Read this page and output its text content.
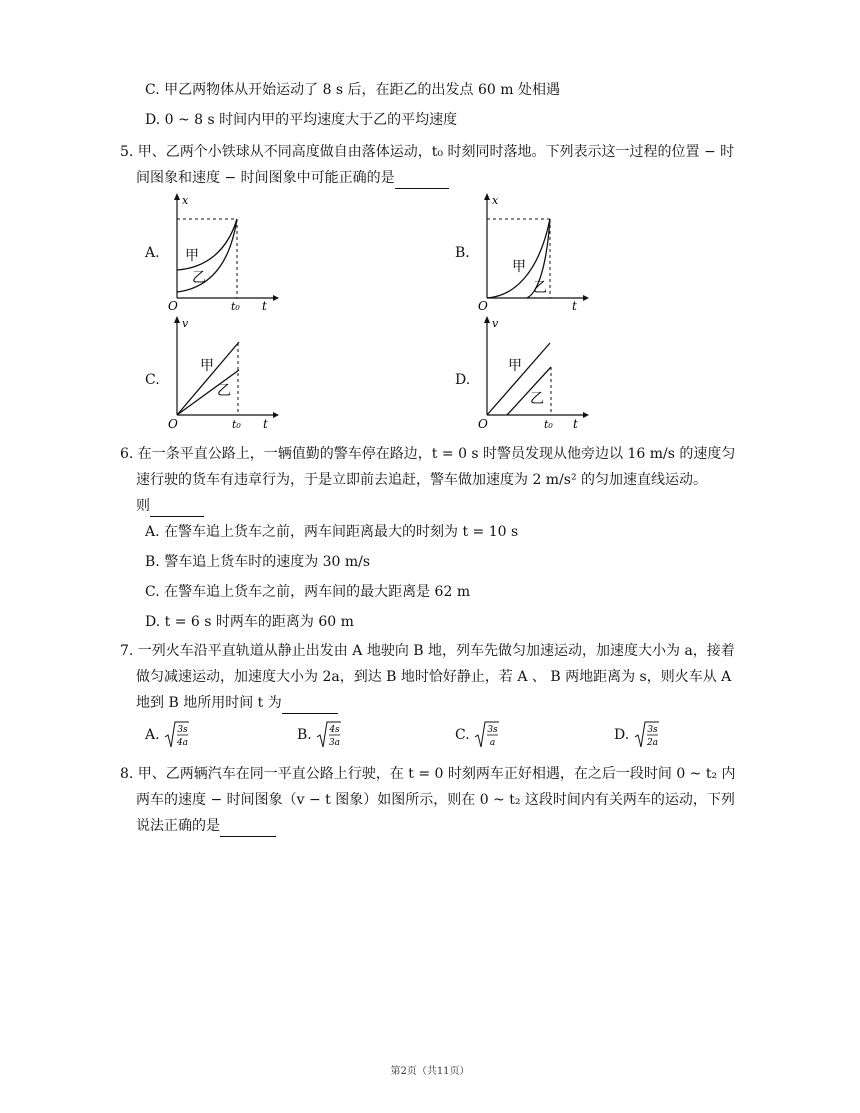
C. 甲乙两物体从开始运动了 8 s 后，在距乙的出发点 60 m 处相遇
D. 0 ~ 8 s 时间内甲的平均速度大于乙的平均速度
5. 甲、乙两个小铁球从不同高度做自由落体运动，t₀ 时刻同时落地。下列表示这一过程的位置 − 时
间图象和速度 − 时间图象中可能正确的是
A.	B.
C.	D.
x
t
O	t₀
甲
乙
x
t
O
甲
乙
v
t
O	t₀
甲
乙
v
t
O	t₀
甲
乙
6. 在一条平直公路上，一辆值勤的警车停在路边，t = 0 s 时警员发现从他旁边以 16 m/s 的速度匀
速行驶的货车有违章行为，于是立即前去追赶，警车做加速度为 2 m/s² 的匀加速直线运动。
则
A. 在警车追上货车之前，两车间距离最大的时刻为 t = 10 s
B. 警车追上货车时的速度为 30 m/s
C. 在警车追上货车之前，两车间的最大距离是 62 m
D. t = 6 s 时两车的距离为 60 m
7. 一列火车沿平直轨道从静止出发由 A 地驶向 B 地，列车先做匀加速运动，加速度大小为 a，接着
做匀减速运动，加速度大小为 2a，到达 B 地时恰好静止，若 A 、 B 两地距离为 s，则火车从 A
地到 B 地所用时间 t 为
A. 3s
4a	B. 4s
3a	C. 3s
a	D. 3s
2a
8. 甲、乙两辆汽车在同一平直公路上行驶，在 t = 0 时刻两车正好相遇，在之后一段时间 0 ~ t₂ 内
两车的速度 − 时间图象（v − t 图象）如图所示，则在 0 ~ t₂ 这段时间内有关两车的运动，下列
说法正确的是
第2页（共11页）
